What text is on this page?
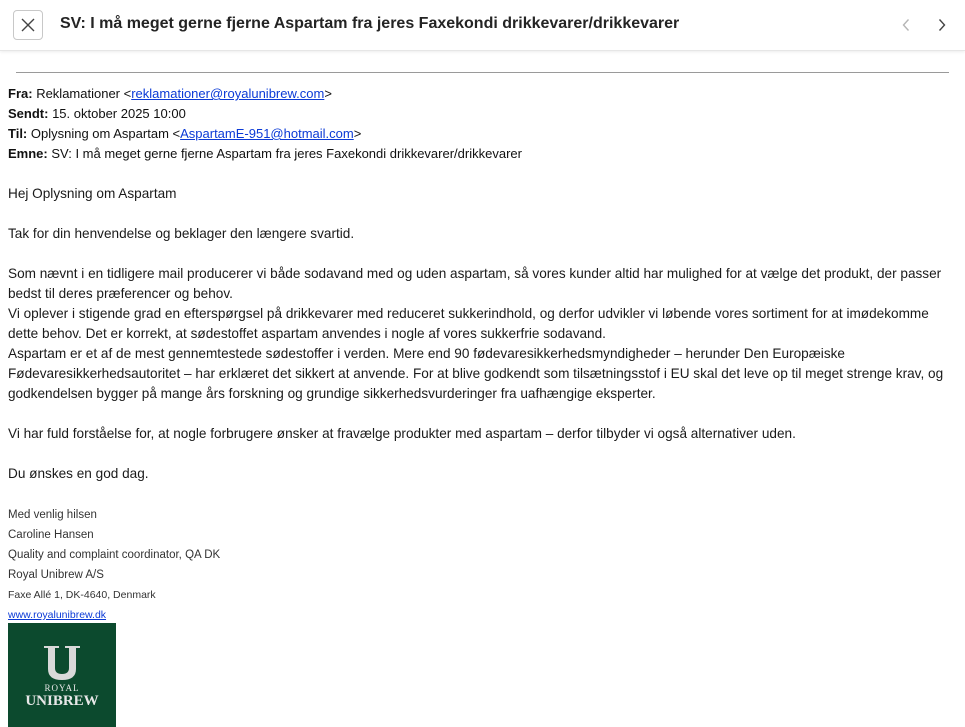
SV: I må meget gerne fjerne Aspartam fra jeres Faxekondi drikkevarer/drikkevarer
Fra: Reklamationer <reklamationer@royalunibrew.com>
Sendt: 15. oktober 2025 10:00
Til: Oplysning om Aspartam <AspartamE-951@hotmail.com>
Emne: SV: I må meget gerne fjerne Aspartam fra jeres Faxekondi drikkevarer/drikkevarer

Hej Oplysning om Aspartam

Tak for din henvendelse og beklager den længere svartid.

Som nævnt i en tidligere mail producerer vi både sodavand med og uden aspartam, så vores kunder altid har mulighed for at vælge det produkt, der passer bedst til deres præferencer og behov.

Vi oplever i stigende grad en efterspørgsel på drikkevarer med reduceret sukkerindhold, og derfor udvikler vi løbende vores sortiment for at imødekomme dette behov. Det er korrekt, at sødestoffet aspartam anvendes i nogle af vores sukkerfrie sodavand.

Aspartam er et af de mest gennemtestede sødestoffer i verden. Mere end 90 fødevaresikkerhedsmyndigheder – herunder Den Europæiske Fødevaresikkerhedsautoritet – har erklæret det sikkert at anvende. For at blive godkendt som tilsætningsstof i EU skal det leve op til meget strenge krav, og godkendelsen bygger på mange års forskning og grundige sikkerhedsvurderinger fra uafhængige eksperter.

Vi har fuld forståelse for, at nogle forbrugere ønsker at fravælge produkter med aspartam – derfor tilbyder vi også alternativer uden.

Du ønskes en god dag.

Med venlig hilsen
Caroline Hansen
Quality and complaint coordinator, QA DK
Royal Unibrew A/S
Faxe Allé 1, DK-4640, Denmark
www.royalunibrew.dk
ROYAL
UNIBREW
